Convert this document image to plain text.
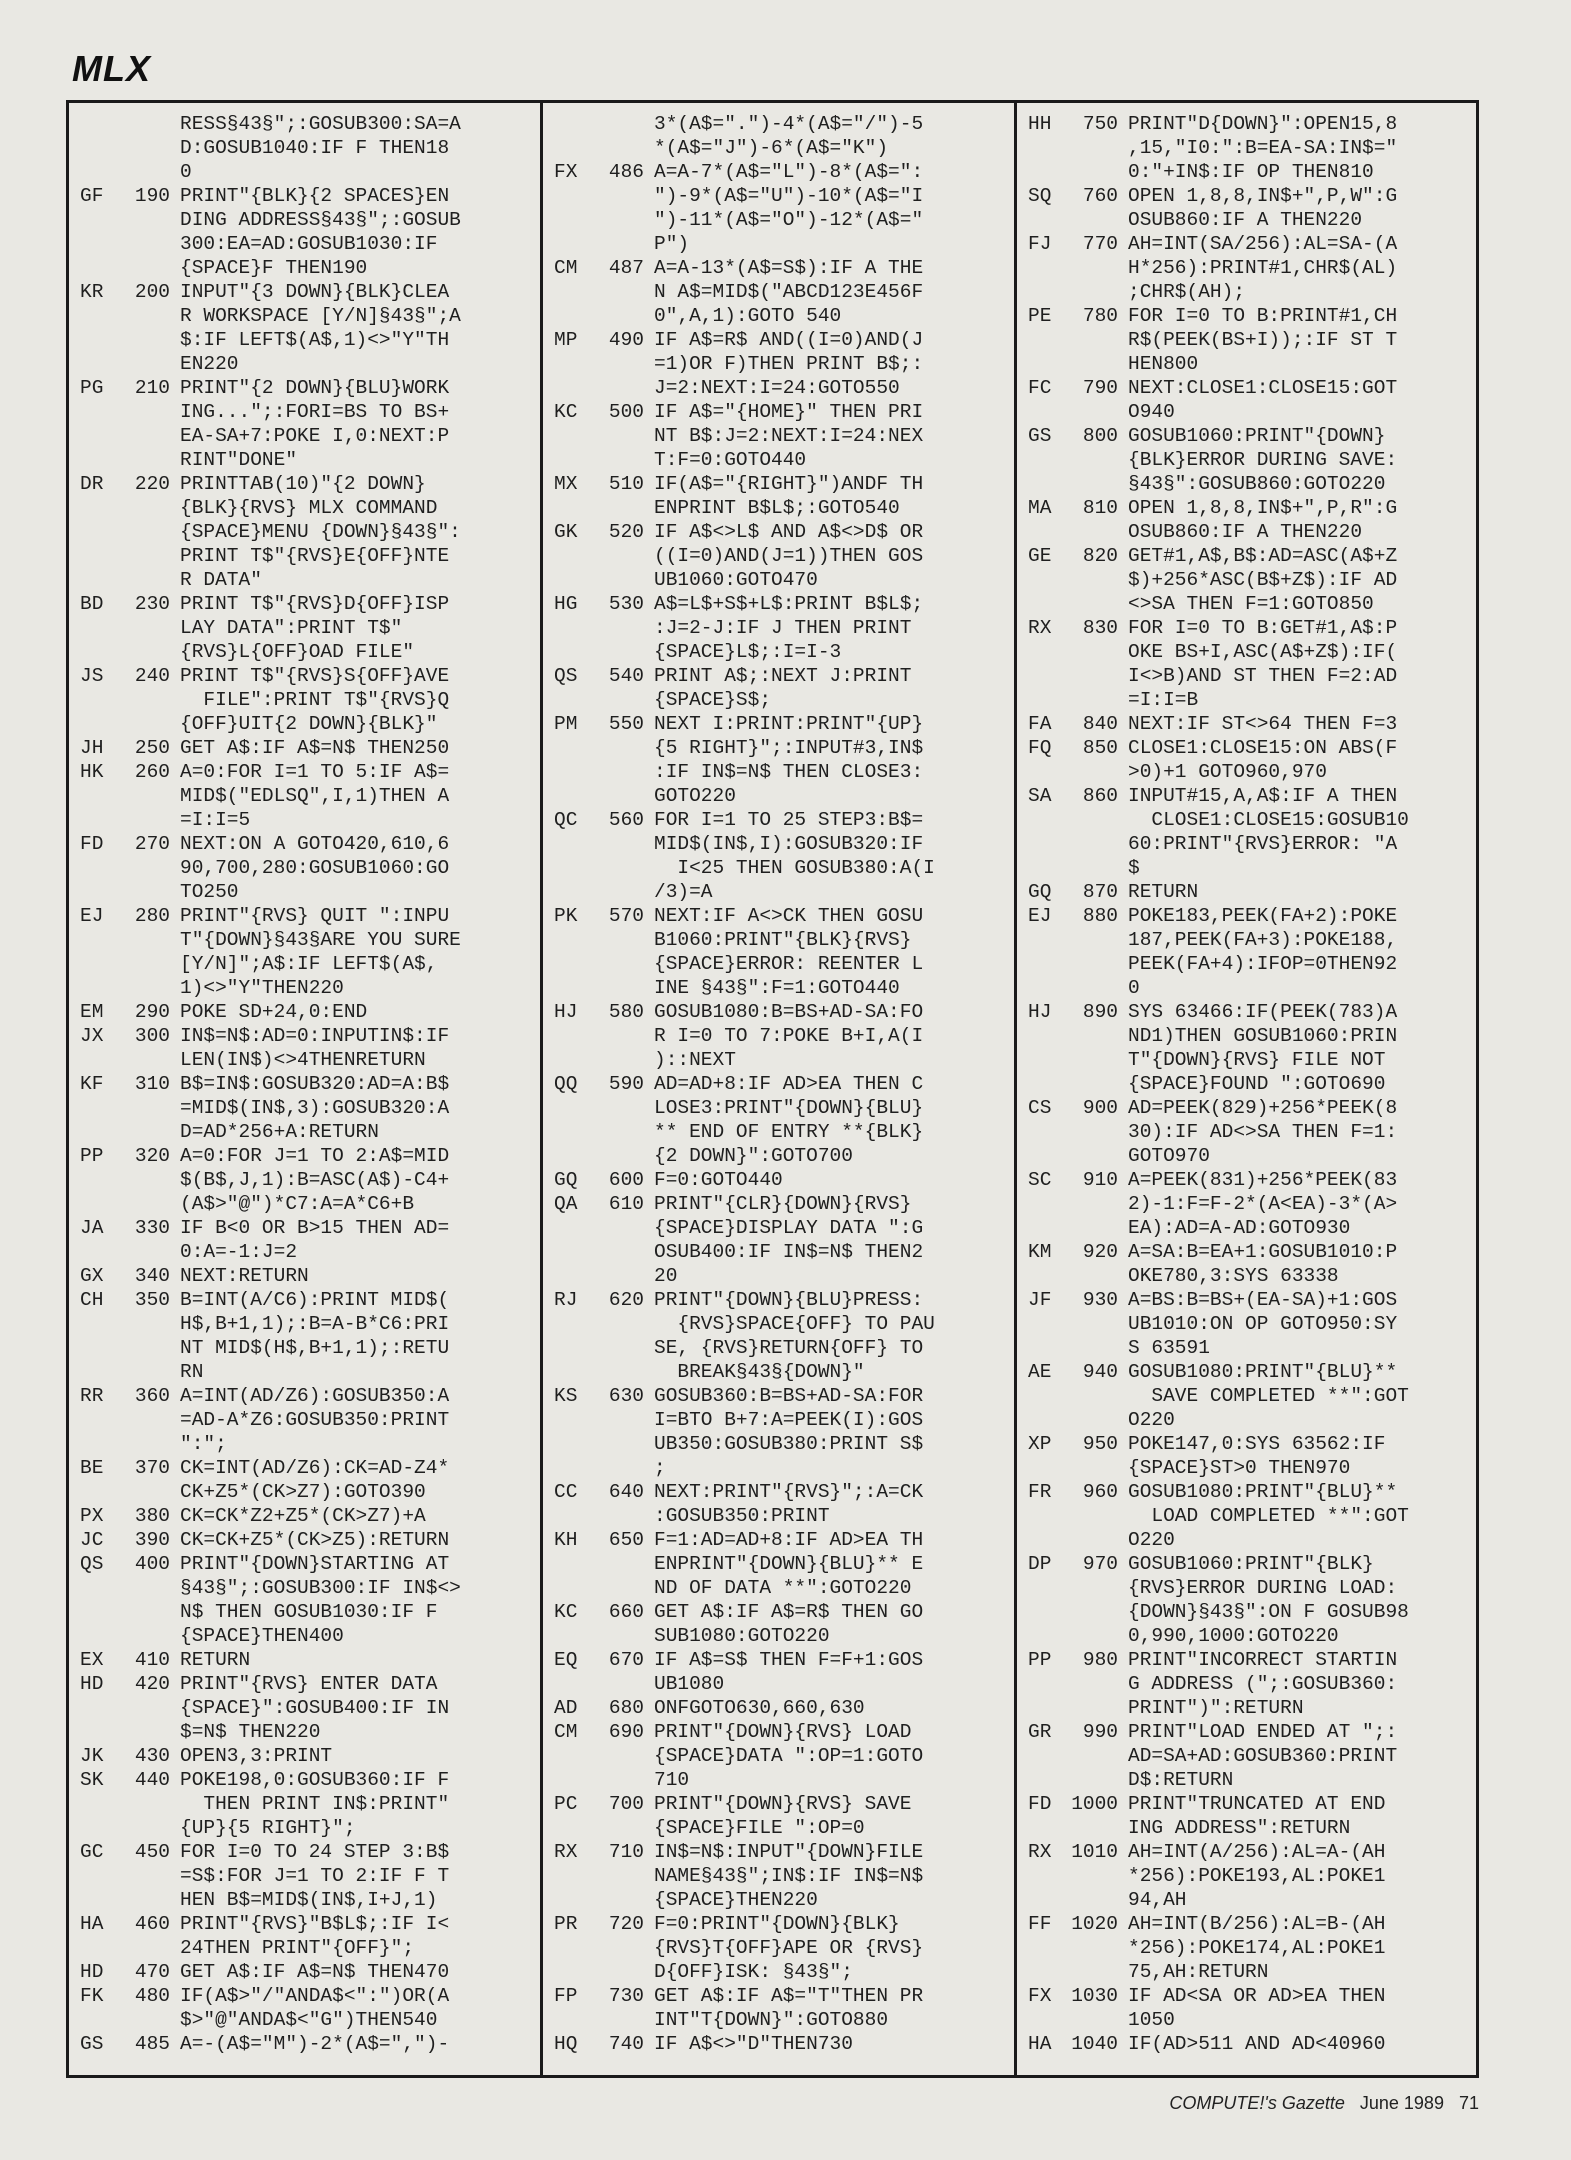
MLX
RESS§43§";:GOSUB300:SA=A
D:GOSUB1040:IF F THEN18
0
GF	190 PRINT"{BLK}{2 SPACES}EN
DING ADDRESS§43§";:GOSUB
300:EA=AD:GOSUB1030:IF
{SPACE}F THEN190
KR	200 INPUT"{3 DOWN}{BLK}CLEA
R WORKSPACE [Y/N]§43§";A
$:IF LEFT$(A$,1)<>"Y"TH
EN220
PG	210 PRINT"{2 DOWN}{BLU}WORK
ING...";:FORI=BS TO BS+
EA-SA+7:POKE I,0:NEXT:P
RINT"DONE"
DR	220 PRINTTAB(10)"{2 DOWN}
{BLK}{RVS} MLX COMMAND
{SPACE}MENU {DOWN}§43§":
PRINT T$"{RVS}E{OFF}NTE
R DATA"
BD	230 PRINT T$"{RVS}D{OFF}ISP
LAY DATA":PRINT T$"
{RVS}L{OFF}OAD FILE"
JS	240 PRINT T$"{RVS}S{OFF}AVE
FILE":PRINT T$"{RVS}Q
{OFF}UIT{2 DOWN}{BLK}"
JH	250 GET A$:IF A$=N$ THEN250
HK	260 A=0:FOR I=1 TO 5:IF A$=
MID$("EDLSQ",I,1)THEN A
=I:I=5
FD	270 NEXT:ON A GOTO420,610,6
90,700,280:GOSUB1060:GO
TO250
EJ	280 PRINT"{RVS} QUIT ":INPU
T"{DOWN}§43§ARE YOU SURE
[Y/N]";A$:IF LEFT$(A$,
1)<>"Y"THEN220
EM	290 POKE SD+24,0:END
JX	300 IN$=N$:AD=0:INPUTIN$:IF
LEN(IN$)<>4THENRETURN
KF	310 B$=IN$:GOSUB320:AD=A:B$
=MID$(IN$,3):GOSUB320:A
D=AD*256+A:RETURN
PP	320 A=0:FOR J=1 TO 2:A$=MID
$(B$,J,1):B=ASC(A$)-C4+
(A$>"@")*C7:A=A*C6+B
JA	330 IF B<0 OR B>15 THEN AD=
0:A=-1:J=2
GX	340 NEXT:RETURN
CH	350 B=INT(A/C6):PRINT MID$(
H$,B+1,1);:B=A-B*C6:PRI
NT MID$(H$,B+1,1);:RETU
RN
RR	360 A=INT(AD/Z6):GOSUB350:A
=AD-A*Z6:GOSUB350:PRINT
":";
BE	370 CK=INT(AD/Z6):CK=AD-Z4*
CK+Z5*(CK>Z7):GOTO390
PX	380 CK=CK*Z2+Z5*(CK>Z7)+A
JC	390 CK=CK+Z5*(CK>Z5):RETURN
QS	400 PRINT"{DOWN}STARTING AT
§43§";:GOSUB300:IF IN$<>
N$ THEN GOSUB1030:IF F
{SPACE}THEN400
EX	410 RETURN
HD	420 PRINT"{RVS} ENTER DATA
{SPACE}":GOSUB400:IF IN
$=N$ THEN220
JK	430 OPEN3,3:PRINT
SK	440 POKE198,0:GOSUB360:IF F
THEN PRINT IN$:PRINT"
{UP}{5 RIGHT}";
GC	450 FOR I=0 TO 24 STEP 3:B$
=S$:FOR J=1 TO 2:IF F T
HEN B$=MID$(IN$,I+J,1)
HA	460 PRINT"{RVS}"B$L$;:IF I<
24THEN PRINT"{OFF}";
HD	470 GET A$:IF A$=N$ THEN470
FK	480 IF(A$>"/"ANDA$<":")OR(A
$>"@"ANDA$<"G")THEN540
GS	485 A=-(A$="M")-2*(A$=",")-
3*(A$=".")-4*(A$="/")-5
*(A$="J")-6*(A$="K")
FX	486 A=A-7*(A$="L")-8*(A$=":
")-9*(A$="U")-10*(A$="I
")-11*(A$="O")-12*(A$="
P")
CM	487 A=A-13*(A$=S$):IF A THE
N A$=MID$("ABCD123E456F
0",A,1):GOTO 540
MP	490 IF A$=R$ AND((I=0)AND(J
=1)OR F)THEN PRINT B$;:
J=2:NEXT:I=24:GOTO550
KC	500 IF A$="{HOME}" THEN PRI
NT B$:J=2:NEXT:I=24:NEX
T:F=0:GOTO440
MX	510 IF(A$="{RIGHT}")ANDF TH
ENPRINT B$L$;:GOTO540
GK	520 IF A$<>L$ AND A$<>D$ OR
((I=0)AND(J=1))THEN GOS
UB1060:GOTO470
HG	530 A$=L$+S$+L$:PRINT B$L$;
:J=2-J:IF J THEN PRINT
{SPACE}L$;:I=I-3
QS	540 PRINT A$;:NEXT J:PRINT
{SPACE}S$;
PM	550 NEXT I:PRINT:PRINT"{UP}
{5 RIGHT}";:INPUT#3,IN$
:IF IN$=N$ THEN CLOSE3:
GOTO220
QC	560 FOR I=1 TO 25 STEP3:B$=
MID$(IN$,I):GOSUB320:IF
I<25 THEN GOSUB380:A(I
/3)=A
PK	570 NEXT:IF A<>CK THEN GOSU
B1060:PRINT"{BLK}{RVS}
{SPACE}ERROR: REENTER L
INE §43§":F=1:GOTO440
HJ	580 GOSUB1080:B=BS+AD-SA:FO
R I=0 TO 7:POKE B+I,A(I
)::NEXT
QQ	590 AD=AD+8:IF AD>EA THEN C
LOSE3:PRINT"{DOWN}{BLU}
** END OF ENTRY **{BLK}
{2 DOWN}":GOTO700
GQ	600 F=0:GOTO440
QA	610 PRINT"{CLR}{DOWN}{RVS}
{SPACE}DISPLAY DATA ":G
OSUB400:IF IN$=N$ THEN2
20
RJ	620 PRINT"{DOWN}{BLU}PRESS:
{RVS}SPACE{OFF} TO PAU
SE, {RVS}RETURN{OFF} TO
BREAK§43§{DOWN}"
KS	630 GOSUB360:B=BS+AD-SA:FOR
I=BTO B+7:A=PEEK(I):GOS
UB350:GOSUB380:PRINT S$
;
CC	640 NEXT:PRINT"{RVS}";:A=CK
:GOSUB350:PRINT
KH	650 F=1:AD=AD+8:IF AD>EA TH
ENPRINT"{DOWN}{BLU}** E
ND OF DATA **":GOTO220
KC	660 GET A$:IF A$=R$ THEN GO
SUB1080:GOTO220
EQ	670 IF A$=S$ THEN F=F+1:GOS
UB1080
AD	680 ONFGOTO630,660,630
CM	690 PRINT"{DOWN}{RVS} LOAD
{SPACE}DATA ":OP=1:GOTO
710
PC	700 PRINT"{DOWN}{RVS} SAVE
{SPACE}FILE ":OP=0
RX	710 IN$=N$:INPUT"{DOWN}FILE
NAME§43§";IN$:IF IN$=N$
{SPACE}THEN220
PR	720 F=0:PRINT"{DOWN}{BLK}
{RVS}T{OFF}APE OR {RVS}
D{OFF}ISK: §43§";
FP	730 GET A$:IF A$="T"THEN PR
INT"T{DOWN}":GOTO880
HQ	740 IF A$<>"D"THEN730
HH	750 PRINT"D{DOWN}":OPEN15,8
,15,"I0:":B=EA-SA:IN$="
0:"+IN$:IF OP THEN810
SQ	760 OPEN 1,8,8,IN$+",P,W":G
OSUB860:IF A THEN220
FJ	770 AH=INT(SA/256):AL=SA-(A
H*256):PRINT#1,CHR$(AL)
;CHR$(AH);
PE	780 FOR I=0 TO B:PRINT#1,CH
R$(PEEK(BS+I));:IF ST T
HEN800
FC	790 NEXT:CLOSE1:CLOSE15:GOT
O940
GS	800 GOSUB1060:PRINT"{DOWN}
{BLK}ERROR DURING SAVE:
§43§":GOSUB860:GOTO220
MA	810 OPEN 1,8,8,IN$+",P,R":G
OSUB860:IF A THEN220
GE	820 GET#1,A$,B$:AD=ASC(A$+Z
$)+256*ASC(B$+Z$):IF AD
<>SA THEN F=1:GOTO850
RX	830 FOR I=0 TO B:GET#1,A$:P
OKE BS+I,ASC(A$+Z$):IF(
I<>B)AND ST THEN F=2:AD
=I:I=B
FA	840 NEXT:IF ST<>64 THEN F=3
FQ	850 CLOSE1:CLOSE15:ON ABS(F
>0)+1 GOTO960,970
SA	860 INPUT#15,A,A$:IF A THEN
CLOSE1:CLOSE15:GOSUB10
60:PRINT"{RVS}ERROR: "A
$
GQ	870 RETURN
EJ	880 POKE183,PEEK(FA+2):POKE
187,PEEK(FA+3):POKE188,
PEEK(FA+4):IFOP=0THEN92
0
HJ	890 SYS 63466:IF(PEEK(783)A
ND1)THEN GOSUB1060:PRIN
T"{DOWN}{RVS} FILE NOT
{SPACE}FOUND ":GOTO690
CS	900 AD=PEEK(829)+256*PEEK(8
30):IF AD<>SA THEN F=1:
GOTO970
SC	910 A=PEEK(831)+256*PEEK(83
2)-1:F=F-2*(A<EA)-3*(A>
EA):AD=A-AD:GOTO930
KM	920 A=SA:B=EA+1:GOSUB1010:P
OKE780,3:SYS 63338
JF	930 A=BS:B=BS+(EA-SA)+1:GOS
UB1010:ON OP GOTO950:SY
S 63591
AE	940 GOSUB1080:PRINT"{BLU}**
SAVE COMPLETED **":GOT
O220
XP	950 POKE147,0:SYS 63562:IF
{SPACE}ST>0 THEN970
FR	960 GOSUB1080:PRINT"{BLU}**
LOAD COMPLETED **":GOT
O220
DP	970 GOSUB1060:PRINT"{BLK}
{RVS}ERROR DURING LOAD:
{DOWN}§43§":ON F GOSUB98
0,990,1000:GOTO220
PP	980 PRINT"INCORRECT STARTIN
G ADDRESS (";:GOSUB360:
PRINT")":RETURN
GR	990 PRINT"LOAD ENDED AT ";:
AD=SA+AD:GOSUB360:PRINT
D$:RETURN
FD	1000 PRINT"TRUNCATED AT END
ING ADDRESS":RETURN
RX	1010 AH=INT(A/256):AL=A-(AH
*256):POKE193,AL:POKE1
94,AH
FF	1020 AH=INT(B/256):AL=B-(AH
*256):POKE174,AL:POKE1
75,AH:RETURN
FX	1030 IF AD<SA OR AD>EA THEN
1050
HA	1040 IF(AD>511 AND AD<40960
COMPUTE!'s Gazette June 1989 71
